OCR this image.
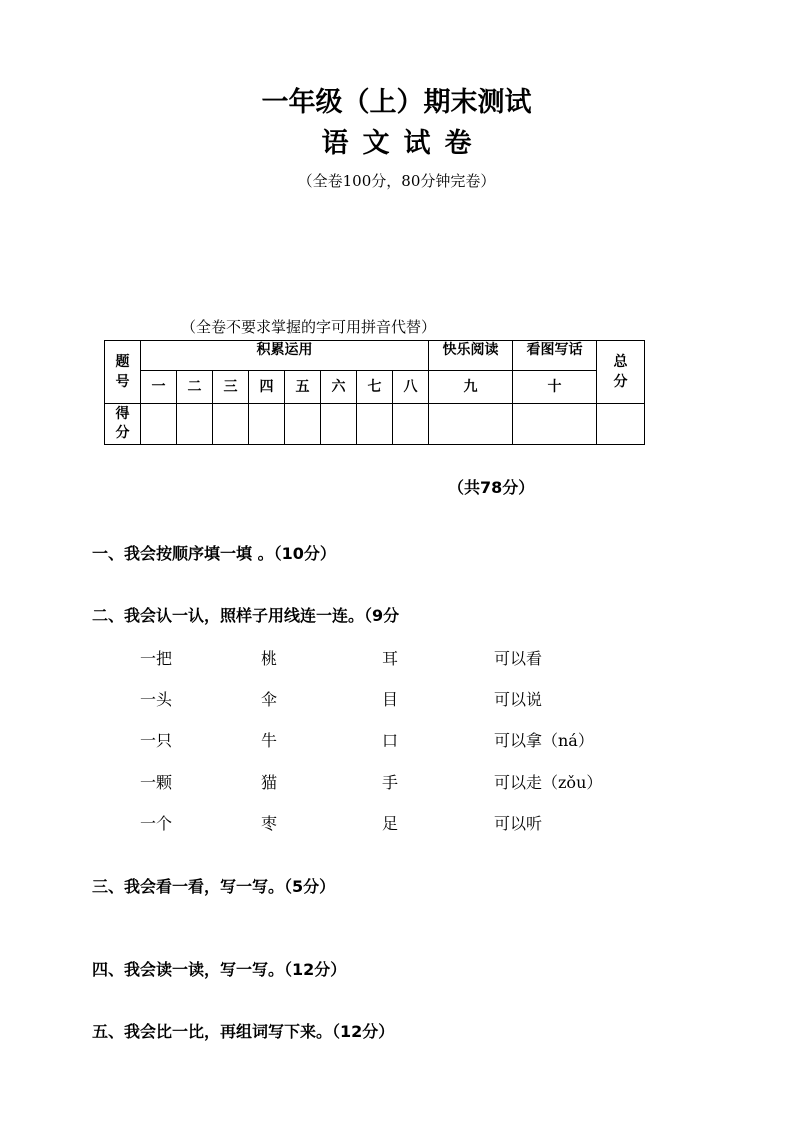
一年级（上）期末测试
语文试卷
（全卷100分，80分钟完卷）
（全卷不要求掌握的字可用拼音代替）
题号	积累运用								快乐阅读	看图写话	总分

	一	二	三	四	五	六	七	八	九	十	

得分											

（共78分）
一、我会按顺序填一填 。（10分）
二、我会认一认，照样子用线连一连。（9分
一把	桃	耳	可以看
一头	伞	目	可以说
一只	牛	口	可以拿（ná）
一颗	猫	手	可以走（zǒu）
一个	枣	足	可以听
三、我会看一看，写一写。（5分）
四、我会读一读，写一写。（12分）
五、我会比一比，再组词写下来。（12分）
